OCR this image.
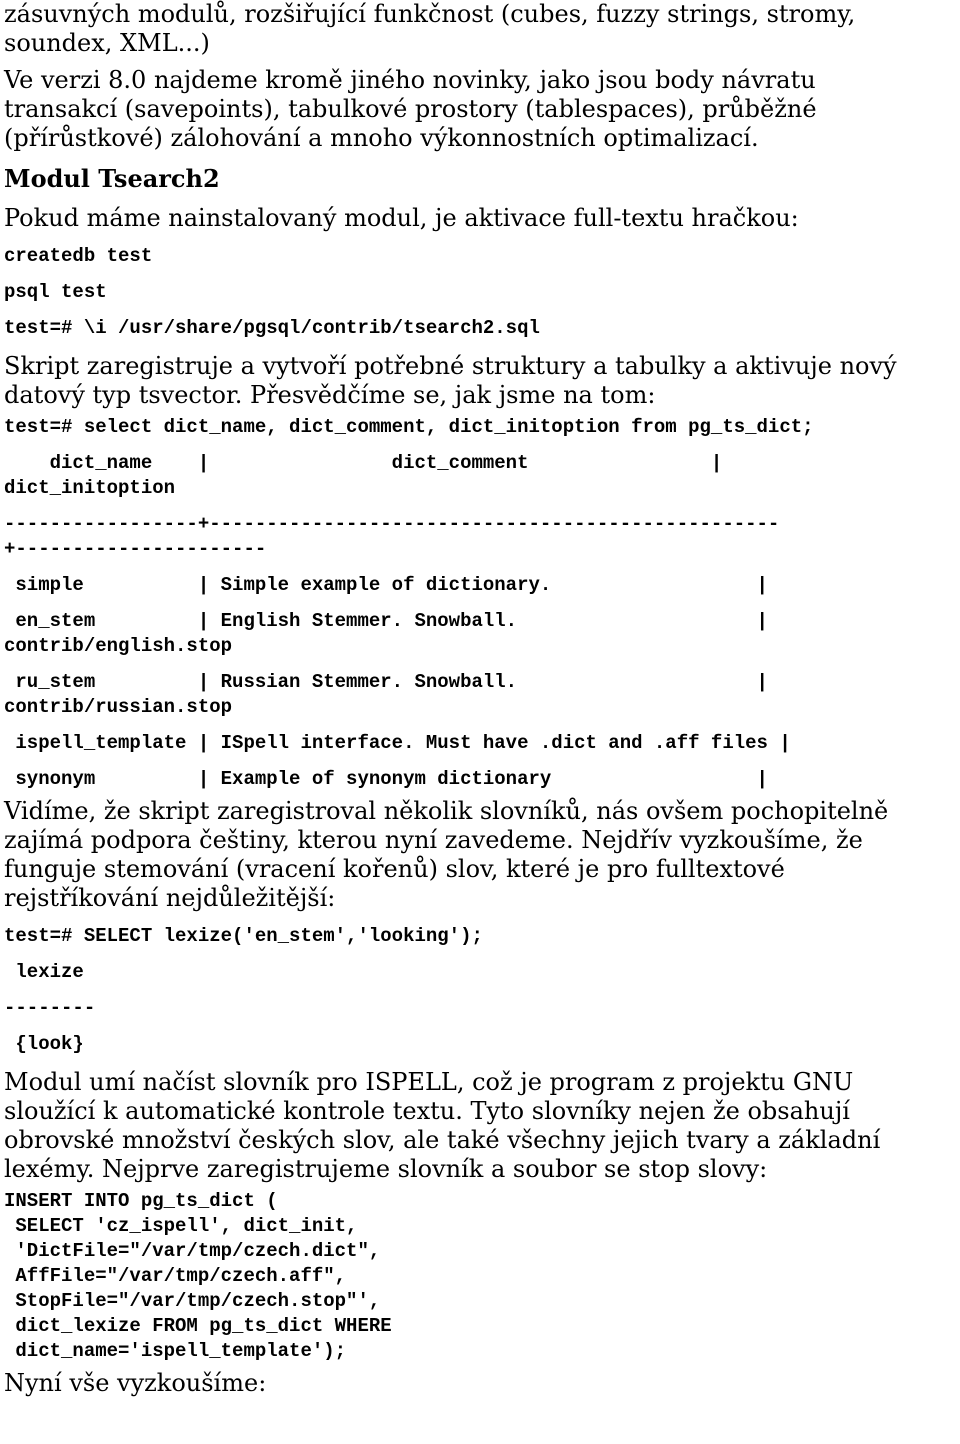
zásuvných modulů, rozšiřující funkčnost (cubes, fuzzy strings, stromy,

soundex, XML...)

Ve verzi 8.0 najdeme kromě jiného novinky, jako jsou body návratu

transakcí (savepoints), tabulkové prostory (tablespaces), průběžné

(přírůstkové) zálohování a mnoho výkonnostních optimalizací.

Modul Tsearch2

Pokud máme nainstalovaný modul, je aktivace full-textu hračkou:

createdb test

psql test

test=# \i /usr/share/pgsql/contrib/tsearch2.sql

Skript zaregistruje a vytvoří potřebné struktury a tabulky a aktivuje nový

datový typ tsvector. Přesvědčíme se, jak jsme na tom:

test=# select dict_name, dict_comment, dict_initoption from pg_ts_dict;

dict_name    |                dict_comment                |

dict_initoption

-----------------+--------------------------------------------------

+----------------------

simple          | Simple example of dictionary.                  |

en_stem         | English Stemmer. Snowball.                     |

contrib/english.stop

ru_stem         | Russian Stemmer. Snowball.                     |

contrib/russian.stop

ispell_template | ISpell interface. Must have .dict and .aff files |

synonym         | Example of synonym dictionary                  |

Vidíme, že skript zaregistroval několik slovníků, nás ovšem pochopitelně

zajímá podpora češtiny, kterou nyní zavedeme. Nejdřív vyzkoušíme, že

funguje stemování (vracení kořenů) slov, které je pro fulltextové

rejstříkování nejdůležitější:

test=# SELECT lexize('en_stem','looking');

lexize

--------

{look}

Modul umí načíst slovník pro ISPELL, což je program z projektu GNU

sloužící k automatické kontrole textu. Tyto slovníky nejen že obsahují

obrovské množství českých slov, ale také všechny jejich tvary a základní

lexémy. Nejprve zaregistrujeme slovník a soubor se stop slovy:

INSERT INTO pg_ts_dict (

SELECT 'cz_ispell', dict_init,

'DictFile="/var/tmp/czech.dict",

AffFile="/var/tmp/czech.aff",

StopFile="/var/tmp/czech.stop"',

dict_lexize FROM pg_ts_dict WHERE

dict_name='ispell_template');

Nyní vše vyzkoušíme:
